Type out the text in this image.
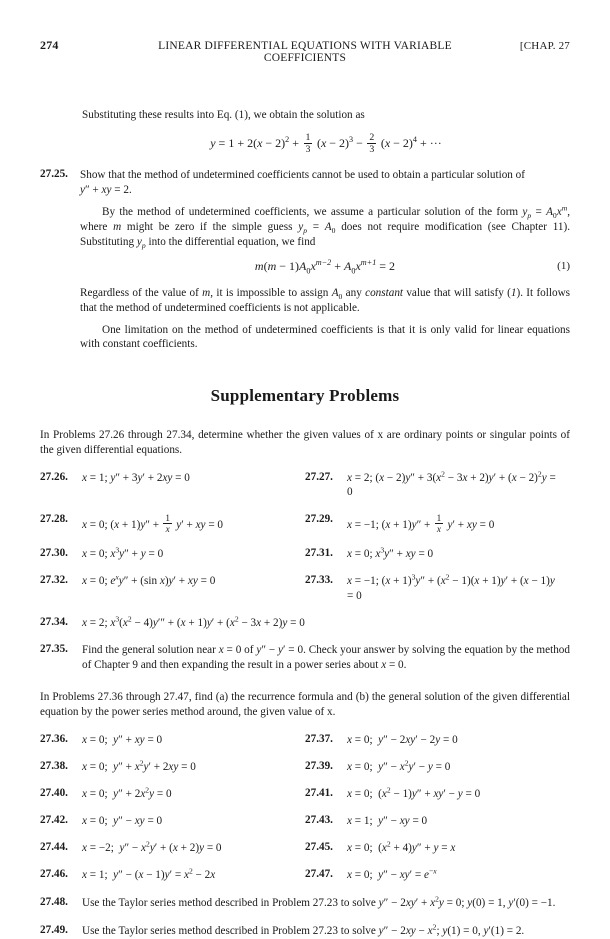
274	LINEAR DIFFERENTIAL EQUATIONS WITH VARIABLE COEFFICIENTS
[CHAP. 27
Substituting these results into Eq. (1), we obtain the solution as
$y = 1 + 2(x - 2)^2 + \frac{1}{3} (x - 2)^3 - \frac{2}{3} (x - 2)^4$ + ···
27.25.	Show that the method of undetermined coefficients cannot be used to obtain a particular solution of
y″ + xy = 2.
By the method of undetermined coefficients, we assume a particular solution of the form $y_p = A_0x^m$, where m might be zero if the simple guess $y_p = A_0$ does not require modification (see Chapter 11). Substituting $y_p$ into the differential equation, we find
$m(m - 1)A_0x^{m-2} + A_0x^{m+1} = 2$	(1)
Regardless of the value of m, it is impossible to assign $A_0$ any constant value that will satisfy (1). It follows that the method of undetermined coefficients is not applicable.
One limitation on the method of undetermined coefficients is that it is only valid for linear equations with constant coefficients.
Supplementary Problems
In Problems 27.26 through 27.34, determine whether the given values of x are ordinary points or singular points of the given differential equations.
27.26.	x = 1; y″ + 3y′ + 2xy = 0	27.27.	x = 2; $(x - 2)y'' + 3(x^2 - 3x + 2)y' + (x - 2)^2y = 0$
27.28.	x = 0; $(x + 1)y'' + \frac{1}{x} y'$ + xy = 0	27.29.	x = −1; $(x + 1)y'' + \frac{1}{x} y'$ + xy = 0
27.30.	x = 0; $x^3y'' + y = 0$	27.31.	x = 0; $x^3y''$ + xy = 0
27.32.	x = 0; $e^xy'' + (\sin$ x)y′ + xy = 0	27.33.	x = −1; $(x + 1)^3y'' + (x^2 - 1)(x + 1)y' + (x - 1)y = 0$
27.34.	x = 2; $x^3(x^2 - 4)y''' + (x + 1)y' + (x^2 - 3x + 2)y = 0$
27.35.	Find the general solution near x = 0 of y″ − y′ = 0. Check your answer by solving the equation by the method of Chapter 9 and then expanding the result in a power series about x = 0.
In Problems 27.36 through 27.47, find (a) the recurrence formula and (b) the general solution of the given differential equation by the power series method around, the given value of x.
27.36.	x = 0;  y″ + xy = 0	27.37.	x = 0;  y″ − 2xy′ − 2y = 0
27.38.	x = 0;  $y'' + x^2y' + 2xy = 0$	27.39.	x = 0;  $y'' - x^2y' - y = 0$
27.40.	x = 0;  $y'' + 2x^2y = 0$	27.41.	x = 0;  $(x^2 - 1)y'' + xy' - y = 0$
27.42.	x = 0;  y″ − xy = 0	27.43.	x = 1;  y″ − xy = 0
27.44.	x = −2;  $y'' - x^2y' + (x + 2)y = 0$	27.45.	x = 0;  $(x^2 + 4)y'' + y = x$
27.46.	x = 1;  $y'' - (x - 1)y' = x^2 - 2x$	27.47.	x = 0;  $y'' - xy' = e^{-x}$
27.48.	Use the Taylor series method described in Problem 27.23 to solve $y'' - 2xy' + x^2y = 0$; y(0) = 1, y′(0) = −1.
27.49.	Use the Taylor series method described in Problem 27.23 to solve $y'' - 2xy - x^2$; y(1) = 0, y′(1) = 2.
